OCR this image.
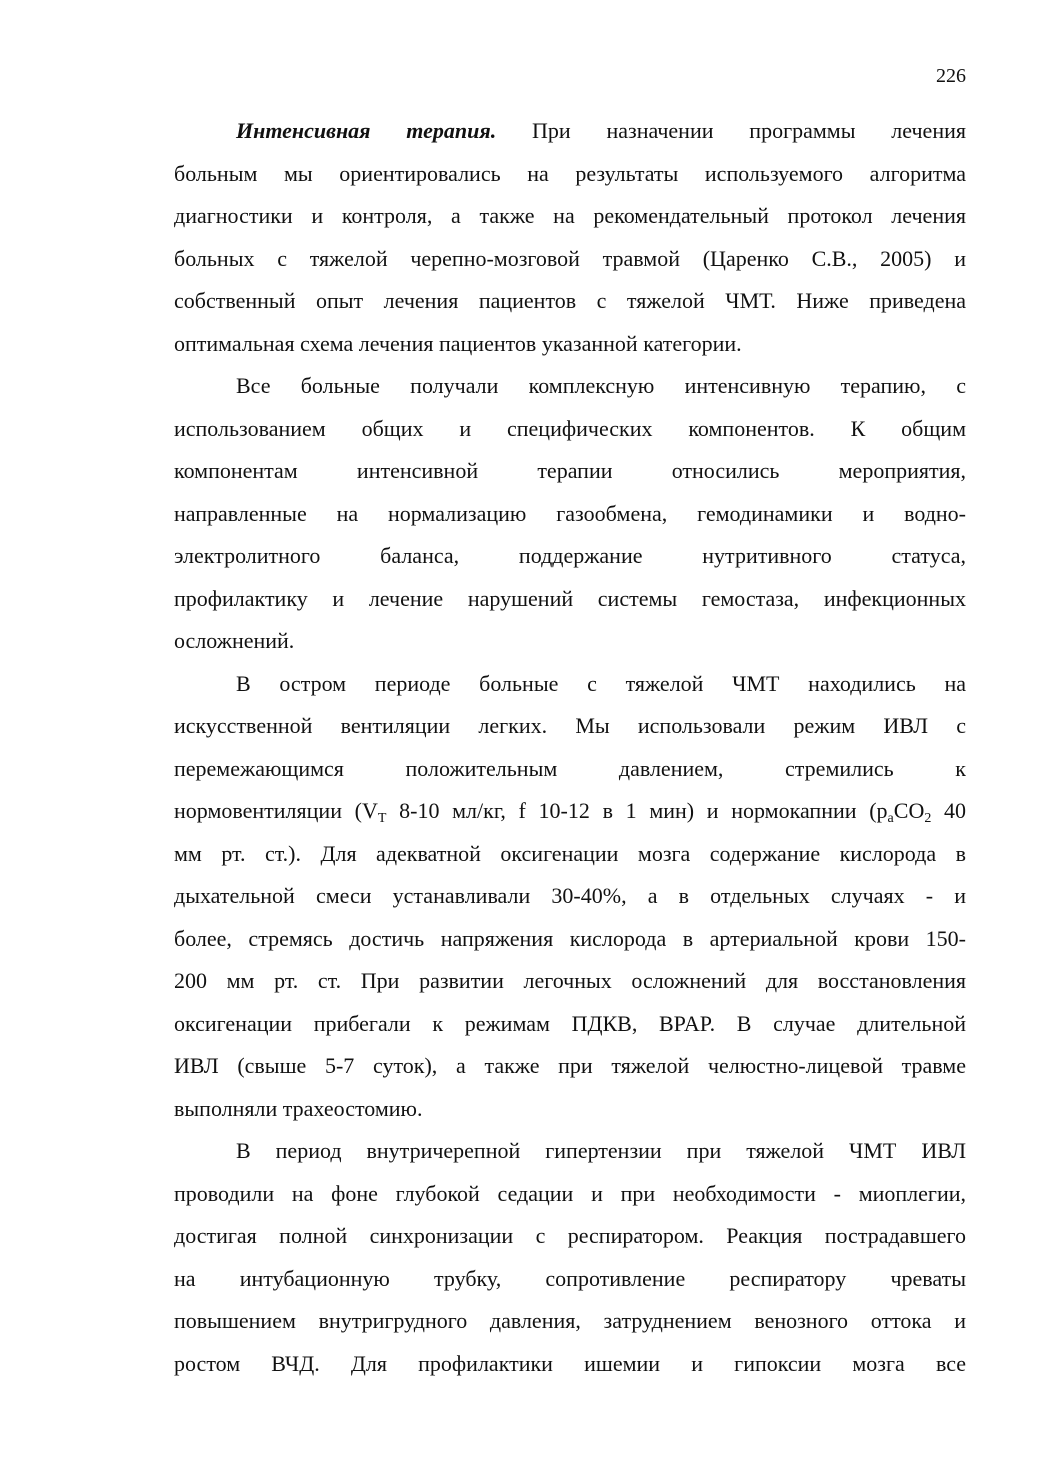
226
Интенсивная терапия. При назначении программы лечения
больным мы ориентировались на результаты используемого алгоритма
диагностики и контроля, а также на рекомендательный протокол лечения
больных с тяжелой черепно-мозговой травмой (Царенко С.В., 2005) и
собственный опыт лечения пациентов с тяжелой ЧМТ. Ниже приведена
оптимальная схема лечения пациентов указанной категории.
Все больные получали комплексную интенсивную терапию, с
использованием общих и специфических компонентов. К общим
компонентам интенсивной терапии относились мероприятия,
направленные на нормализацию газообмена, гемодинамики и водно-
электролитного баланса, поддержание нутритивного статуса,
профилактику и лечение нарушений системы гемостаза, инфекционных
осложнений.
В остром периоде больные с тяжелой ЧМТ находились на
искусственной вентиляции легких. Мы использовали режим ИВЛ с
перемежающимся положительным давлением, стремились к
нормовентиляции ($V_T$ 8-10 мл/кг, f 10-12 в 1 мин) и нормокапнии ($p_aCO_2$ 40
мм рт. ст.). Для адекватной оксигенации мозга содержание кислорода в
дыхательной смеси устанавливали 30-40%, а в отдельных случаях - и
более, стремясь достичь напряжения кислорода в артериальной крови 150-
200 мм рт. ст. При развитии легочных осложнений для восстановления
оксигенации прибегали к режимам ПДКВ, BPAP. В случае длительной
ИВЛ (свыше 5-7 суток), а также при тяжелой челюстно-лицевой травме
выполняли трахеостомию.
В период внутричерепной гипертензии при тяжелой ЧМТ ИВЛ
проводили на фоне глубокой седации и при необходимости - миоплегии,
достигая полной синхронизации с респиратором. Реакция пострадавшего
на интубационную трубку, сопротивление респиратору чреваты
повышением внутригрудного давления, затруднением венозного оттока и
ростом ВЧД. Для профилактики ишемии и гипоксии мозга все
